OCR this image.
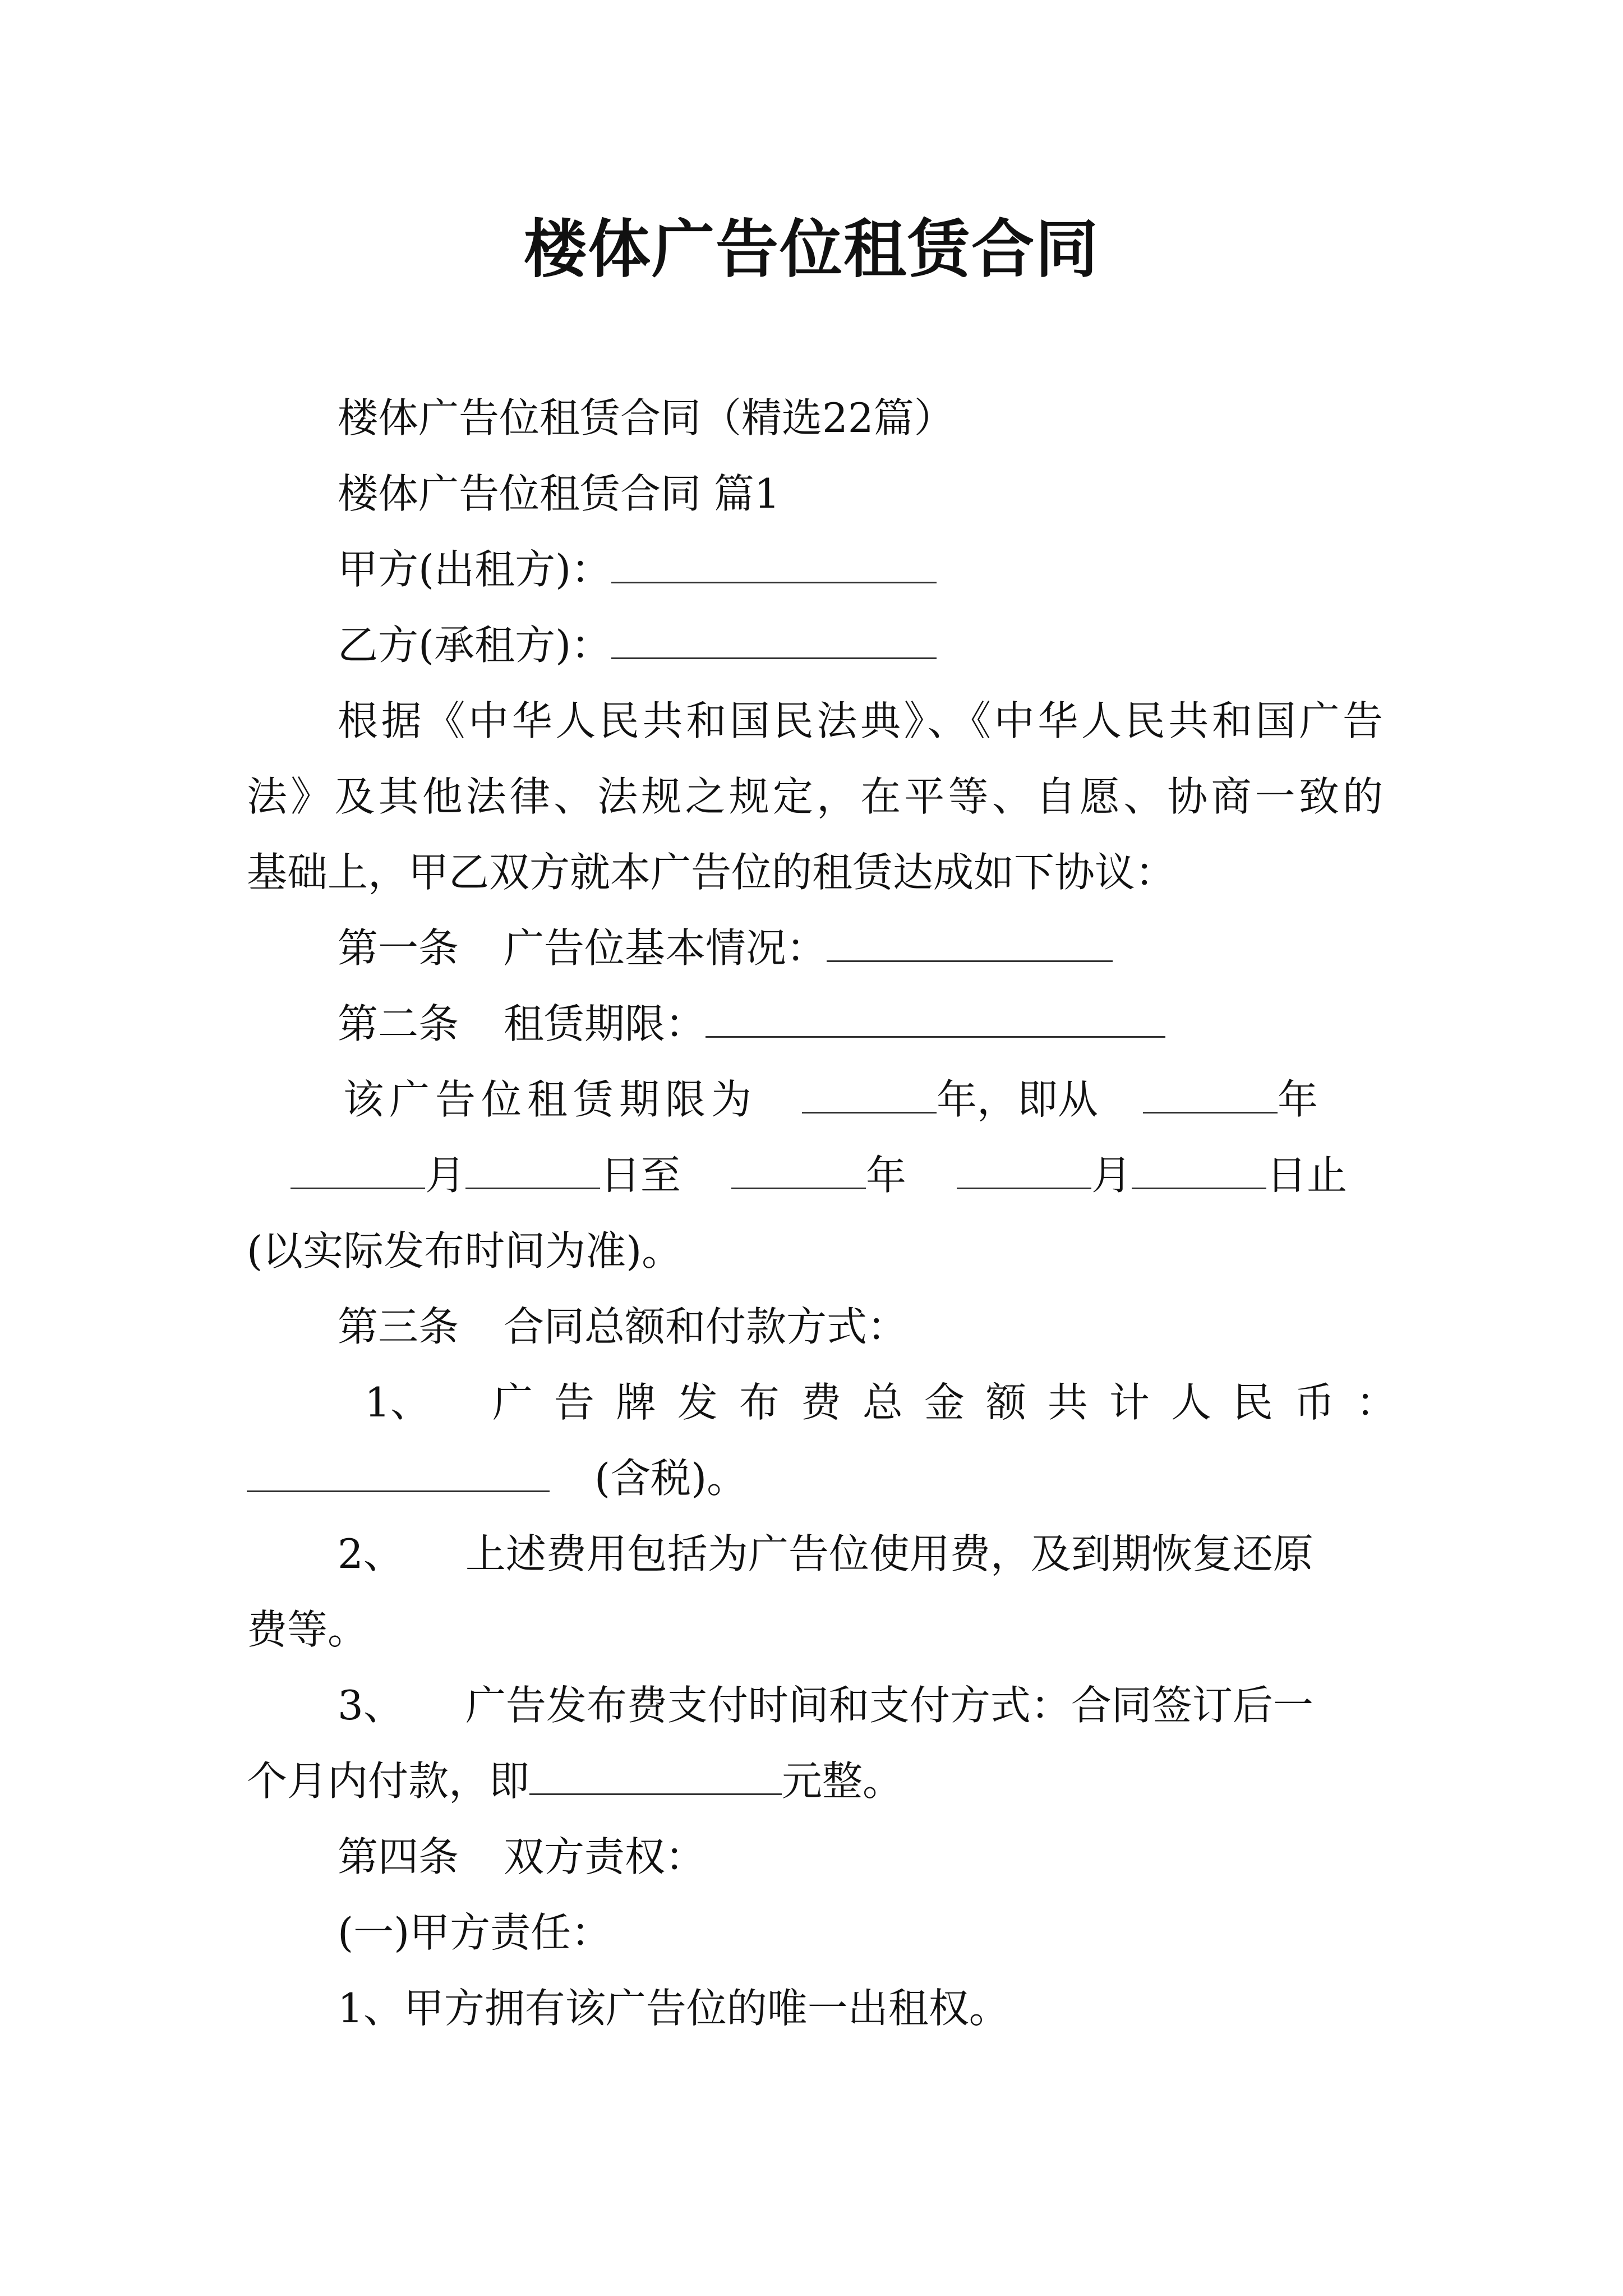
楼体广告位租赁合同
楼体广告位租赁合同（精选22篇）
楼体广告位租赁合同 篇1
甲方(出租方)：
乙方(承租方)：
根据《中华人民共和国民法典》、《中华人民共和国广告
法》及其他法律、法规之规定，在平等、自愿、协商一致的
基础上，甲乙双方就本广告位的租赁达成如下协议：
第一条 广告位基本情况：
第二条 租赁期限：
该广告位租赁期限为	年，即从	年
月	日至	年	月	日止
(以实际发布时间为准)。
第三条 合同总额和付款方式：
1、 广告牌发布费总金额共计人民币：
(含税)。
2、 上述费用包括为广告位使用费，及到期恢复还原
费等。
3、 广告发布费支付时间和支付方式：合同签订后一
个月内付款，即	元整。
第四条 双方责权：
(一)甲方责任：
1、甲方拥有该广告位的唯一出租权。
